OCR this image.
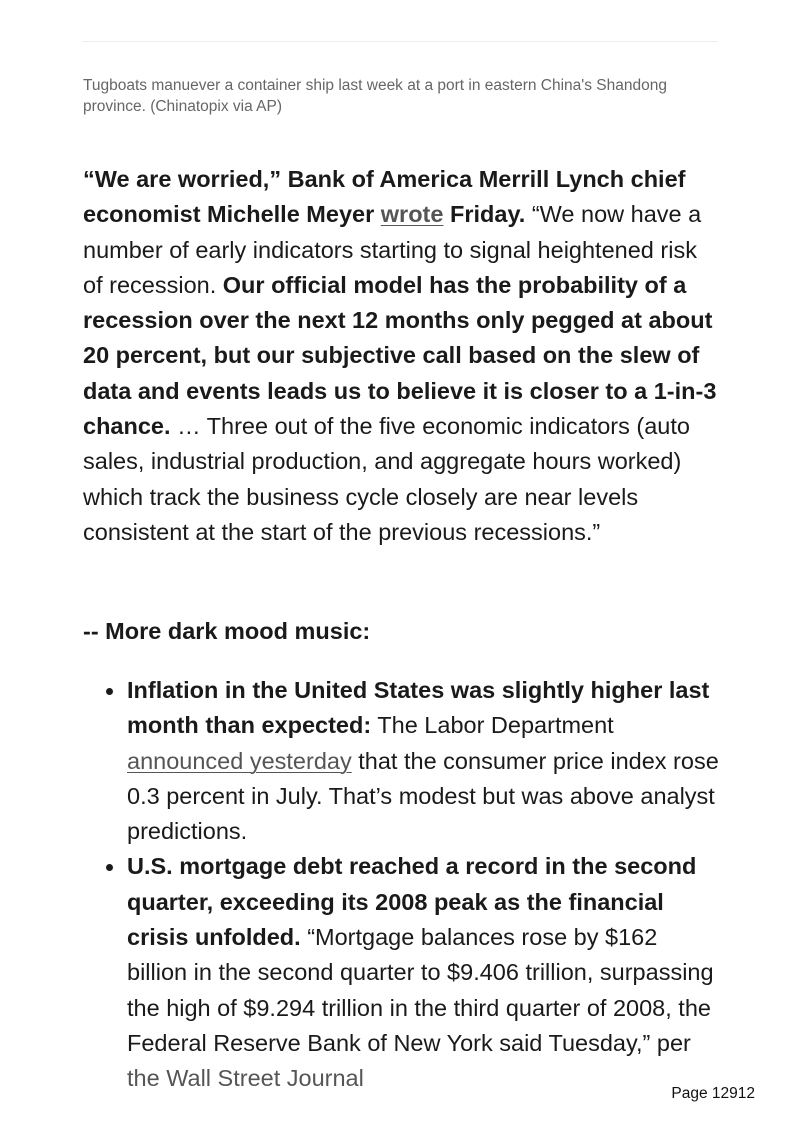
Tugboats manuever a container ship last week at a port in eastern China's Shandong province. (Chinatopix via AP)

“We are worried,” Bank of America Merrill Lynch chief economist Michelle Meyer wrote Friday. “We now have a number of early indicators starting to signal heightened risk of recession. Our official model has the probability of a recession over the next 12 months only pegged at about 20 percent, but our subjective call based on the slew of data and events leads us to believe it is closer to a 1-in-3 chance. … Three out of the five economic indicators (auto sales, industrial production, and aggregate hours worked) which track the business cycle closely are near levels consistent at the start of the previous recessions.”

-- More dark mood music:
Inflation in the United States was slightly higher last month than expected: The Labor Department announced yesterday that the consumer price index rose 0.3 percent in July. That’s modest but was above analyst predictions.
U.S. mortgage debt reached a record in the second quarter, exceeding its 2008 peak as the financial crisis unfolded. “Mortgage balances rose by $162 billion in the second quarter to $9.406 trillion, surpassing the high of $9.294 trillion in the third quarter of 2008, the Federal Reserve Bank of New York said Tuesday,” per the Wall Street Journal
Page 12912
